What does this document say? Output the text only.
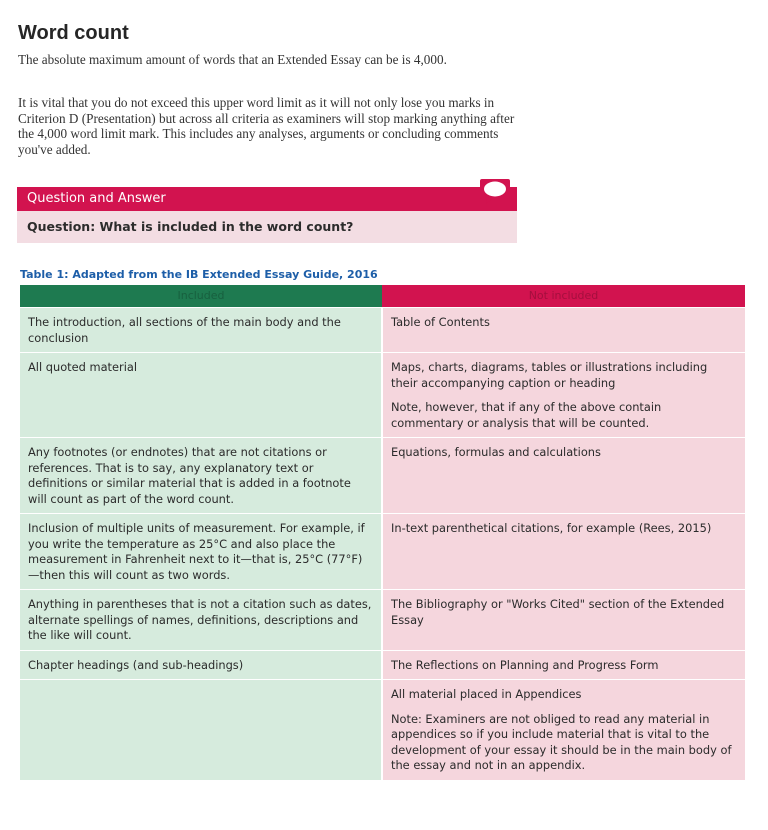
Word count

The absolute maximum amount of words that an Extended Essay can be is 4,000.

It is vital that you do not exceed this upper word limit as it will not only lose you marks in Criterion D (Presentation) but across all criteria as examiners will stop marking anything after the 4,000 word limit mark. This includes any analyses, arguments or concluding comments you've added.

Question and Answer
Question: What is included in the word count?
Table 1: Adapted from the IB Extended Essay Guide, 2016
Included	Not included

The introduction, all sections of the main body and the conclusion	Table of Contents

All quoted material	Maps, charts, diagrams, tables or illustrations including their accompanying caption or heading

Note, however, that if any of the above contain commentary or analysis that will be counted.

Any footnotes (or endnotes) that are not citations or references. That is to say, any explanatory text or definitions or similar material that is added in a footnote will count as part of the word count.	Equations, formulas and calculations

Inclusion of multiple units of measurement. For example, if you write the temperature as 25°C and also place the measurement in Fahrenheit next to it—that is, 25°C (77°F)—then this will count as two words.	In-text parenthetical citations, for example (Rees, 2015)

Anything in parentheses that is not a citation such as dates, alternate spellings of names, definitions, descriptions and the like will count.	The Bibliography or "Works Cited" section of the Extended Essay

Chapter headings (and sub-headings)	The Reflections on Planning and Progress Form

	All material placed in Appendices

Note: Examiners are not obliged to read any material in appendices so if you include material that is vital to the development of your essay it should be in the main body of the essay and not in an appendix.
